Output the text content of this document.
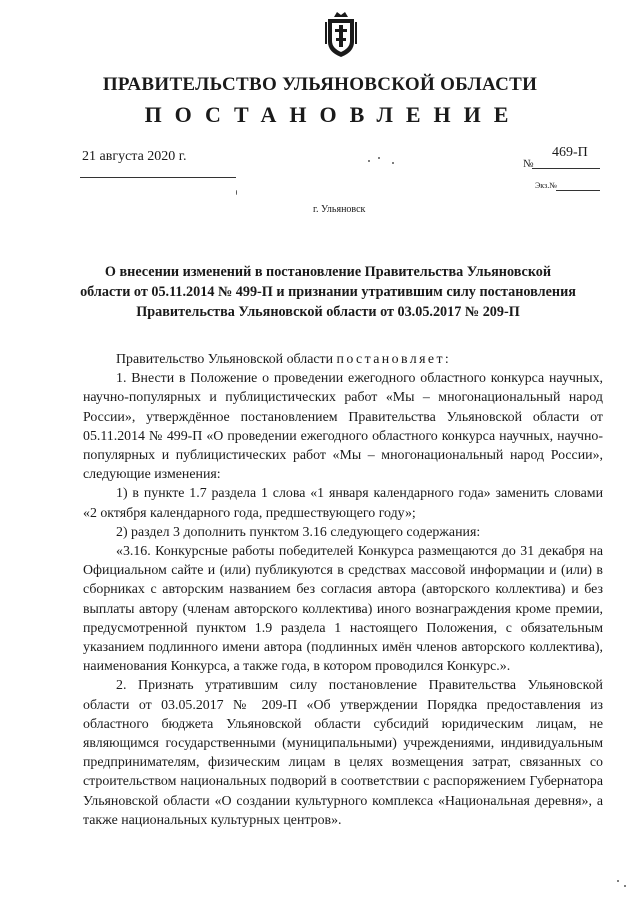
ПРАВИТЕЛЬСТВО УЛЬЯНОВСКОЙ ОБЛАСТИ
ПОСТАНОВЛЕНИЕ
21 августа 2020 г.	№
469-П
Экз.№
г. Ульяновск
О внесении изменений в постановление Правительства Ульяновской области от 05.11.2014 № 499-П и признании утратившим силу постановления Правительства Ульяновской области от 03.05.2017 № 209-П

Правительство Ульяновской области постановляет:

1. Внести в Положение о проведении ежегодного областного конкурса научных, научно-популярных и публицистических работ «Мы – многонациональный народ России», утверждённое постановлением Правительства Ульяновской области от 05.11.2014 № 499-П «О проведении ежегодного областного конкурса научных, научно-популярных и публицистических работ «Мы – многонациональный народ России», следующие изменения:

1) в пункте 1.7 раздела 1 слова «1 января календарного года» заменить словами «2 октября календарного года, предшествующего году»;

2) раздел 3 дополнить пунктом 3.16 следующего содержания:

«3.16. Конкурсные работы победителей Конкурса размещаются до 31 декабря на Официальном сайте и (или) публикуются в средствах массовой информации и (или) в сборниках с авторским названием без согласия автора (авторского коллектива) и без выплаты автору (членам авторского коллектива) иного вознаграждения кроме премии, предусмотренной пунктом 1.9 раздела 1 настоящего Положения, с обязательным указанием подлинного имени автора (подлинных имён членов авторского коллектива), наименования Конкурса, а также года, в котором проводился Конкурс.».

2. Признать утратившим силу постановление Правительства Ульяновской области от 03.05.2017 № 209-П «Об утверждении Порядка предоставления из областного бюджета Ульяновской области субсидий юридическим лицам, не являющимся государственными (муниципальными) учреждениями, индивидуальным предпринимателям, физическим лицам в целях возмещения затрат, связанных со строительством национальных подворий в соответствии с распоряжением Губернатора Ульяновской области «О создании культурного комплекса «Национальная деревня», а также национальных культурных центров».
